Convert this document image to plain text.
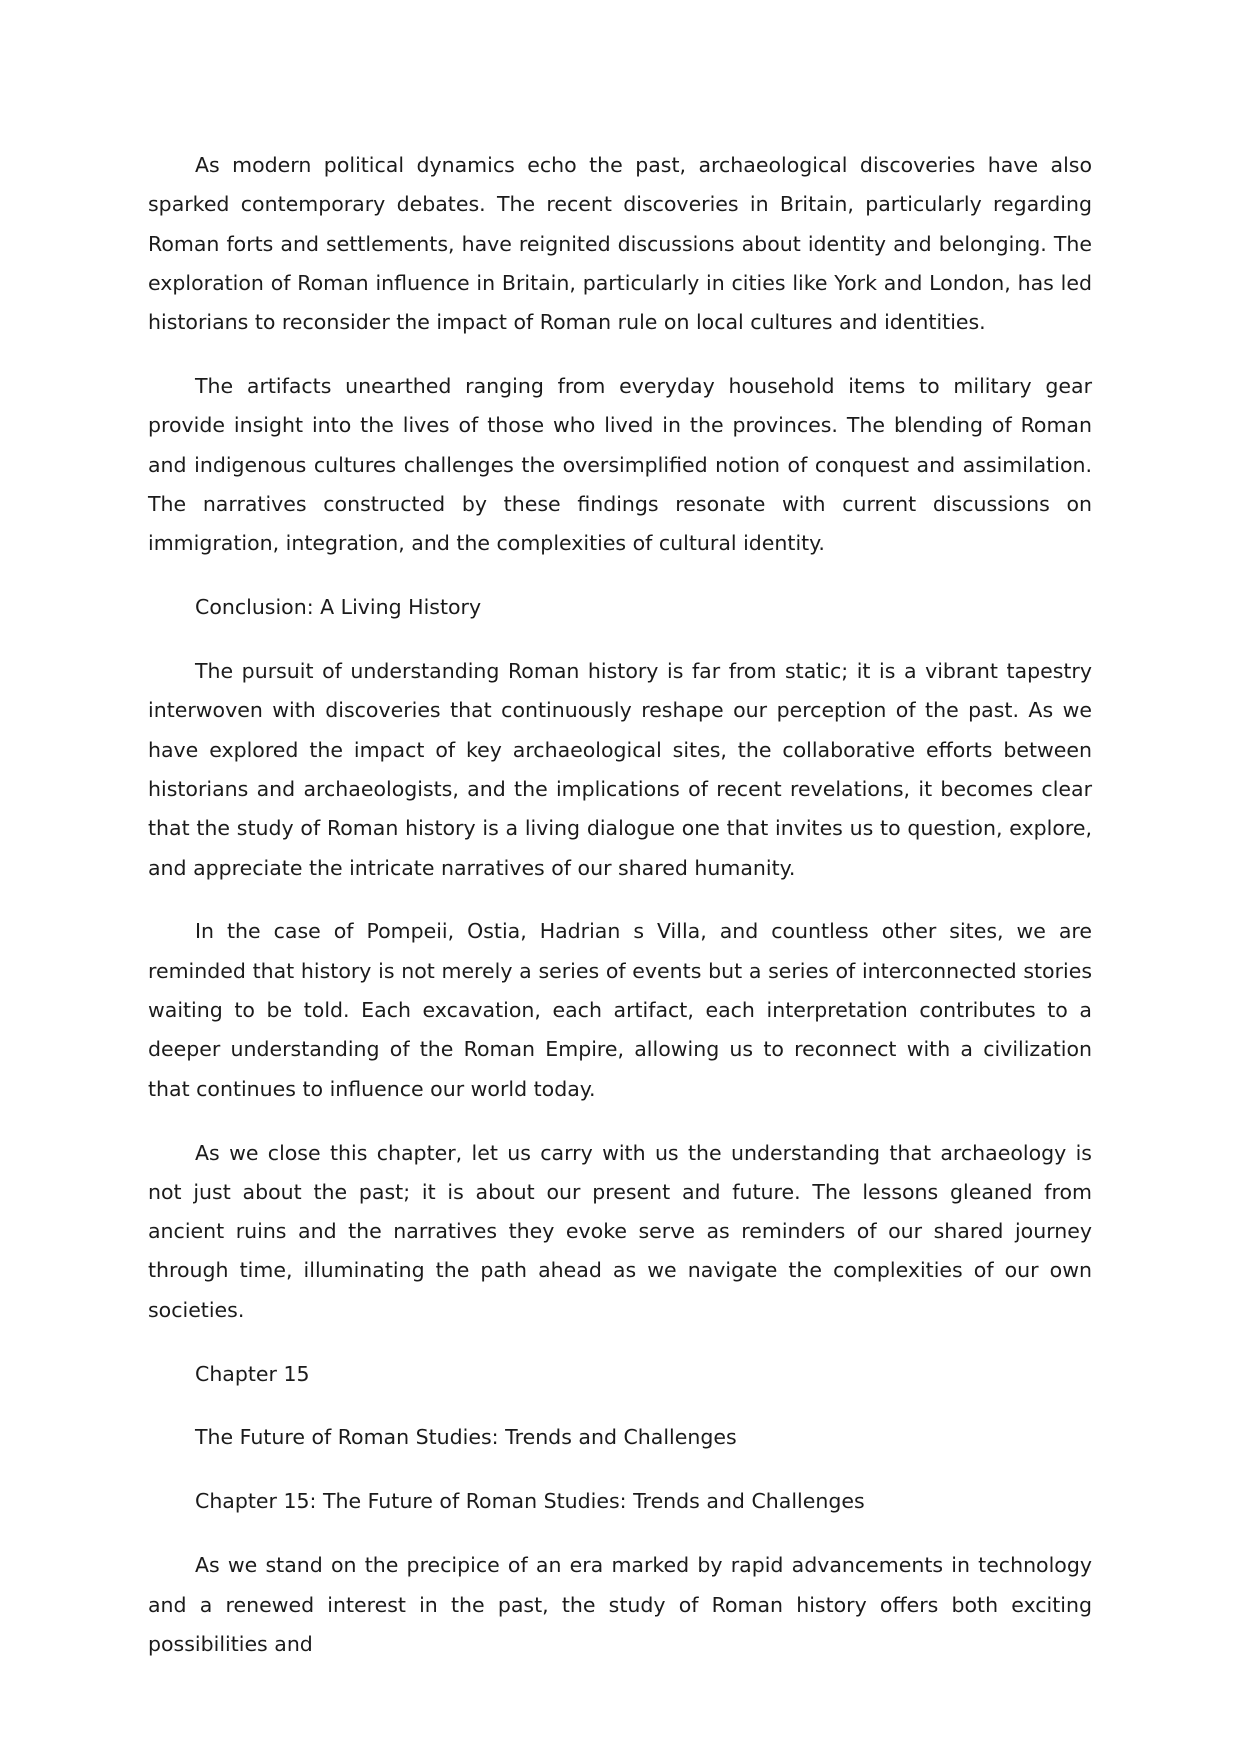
As modern political dynamics echo the past, archaeological discoveries have also sparked contemporary debates. The recent discoveries in Britain, particularly regarding Roman forts and settlements, have reignited discussions about identity and belonging. The exploration of Roman influence in Britain, particularly in cities like York and London, has led historians to reconsider the impact of Roman rule on local cultures and identities.

The artifacts unearthed ranging from everyday household items to military gear provide insight into the lives of those who lived in the provinces. The blending of Roman and indigenous cultures challenges the oversimplified notion of conquest and assimilation. The narratives constructed by these findings resonate with current discussions on immigration, integration, and the complexities of cultural identity.

Conclusion: A Living History

The pursuit of understanding Roman history is far from static; it is a vibrant tapestry interwoven with discoveries that continuously reshape our perception of the past. As we have explored the impact of key archaeological sites, the collaborative efforts between historians and archaeologists, and the implications of recent revelations, it becomes clear that the study of Roman history is a living dialogue one that invites us to question, explore, and appreciate the intricate narratives of our shared humanity.

In the case of Pompeii, Ostia, Hadrian s Villa, and countless other sites, we are reminded that history is not merely a series of events but a series of interconnected stories waiting to be told. Each excavation, each artifact, each interpretation contributes to a deeper understanding of the Roman Empire, allowing us to reconnect with a civilization that continues to influence our world today.

As we close this chapter, let us carry with us the understanding that archaeology is not just about the past; it is about our present and future. The lessons gleaned from ancient ruins and the narratives they evoke serve as reminders of our shared journey through time, illuminating the path ahead as we navigate the complexities of our own societies.

Chapter 15

The Future of Roman Studies: Trends and Challenges

Chapter 15: The Future of Roman Studies: Trends and Challenges

As we stand on the precipice of an era marked by rapid advancements in technology and a renewed interest in the past, the study of Roman history offers both exciting possibilities and
